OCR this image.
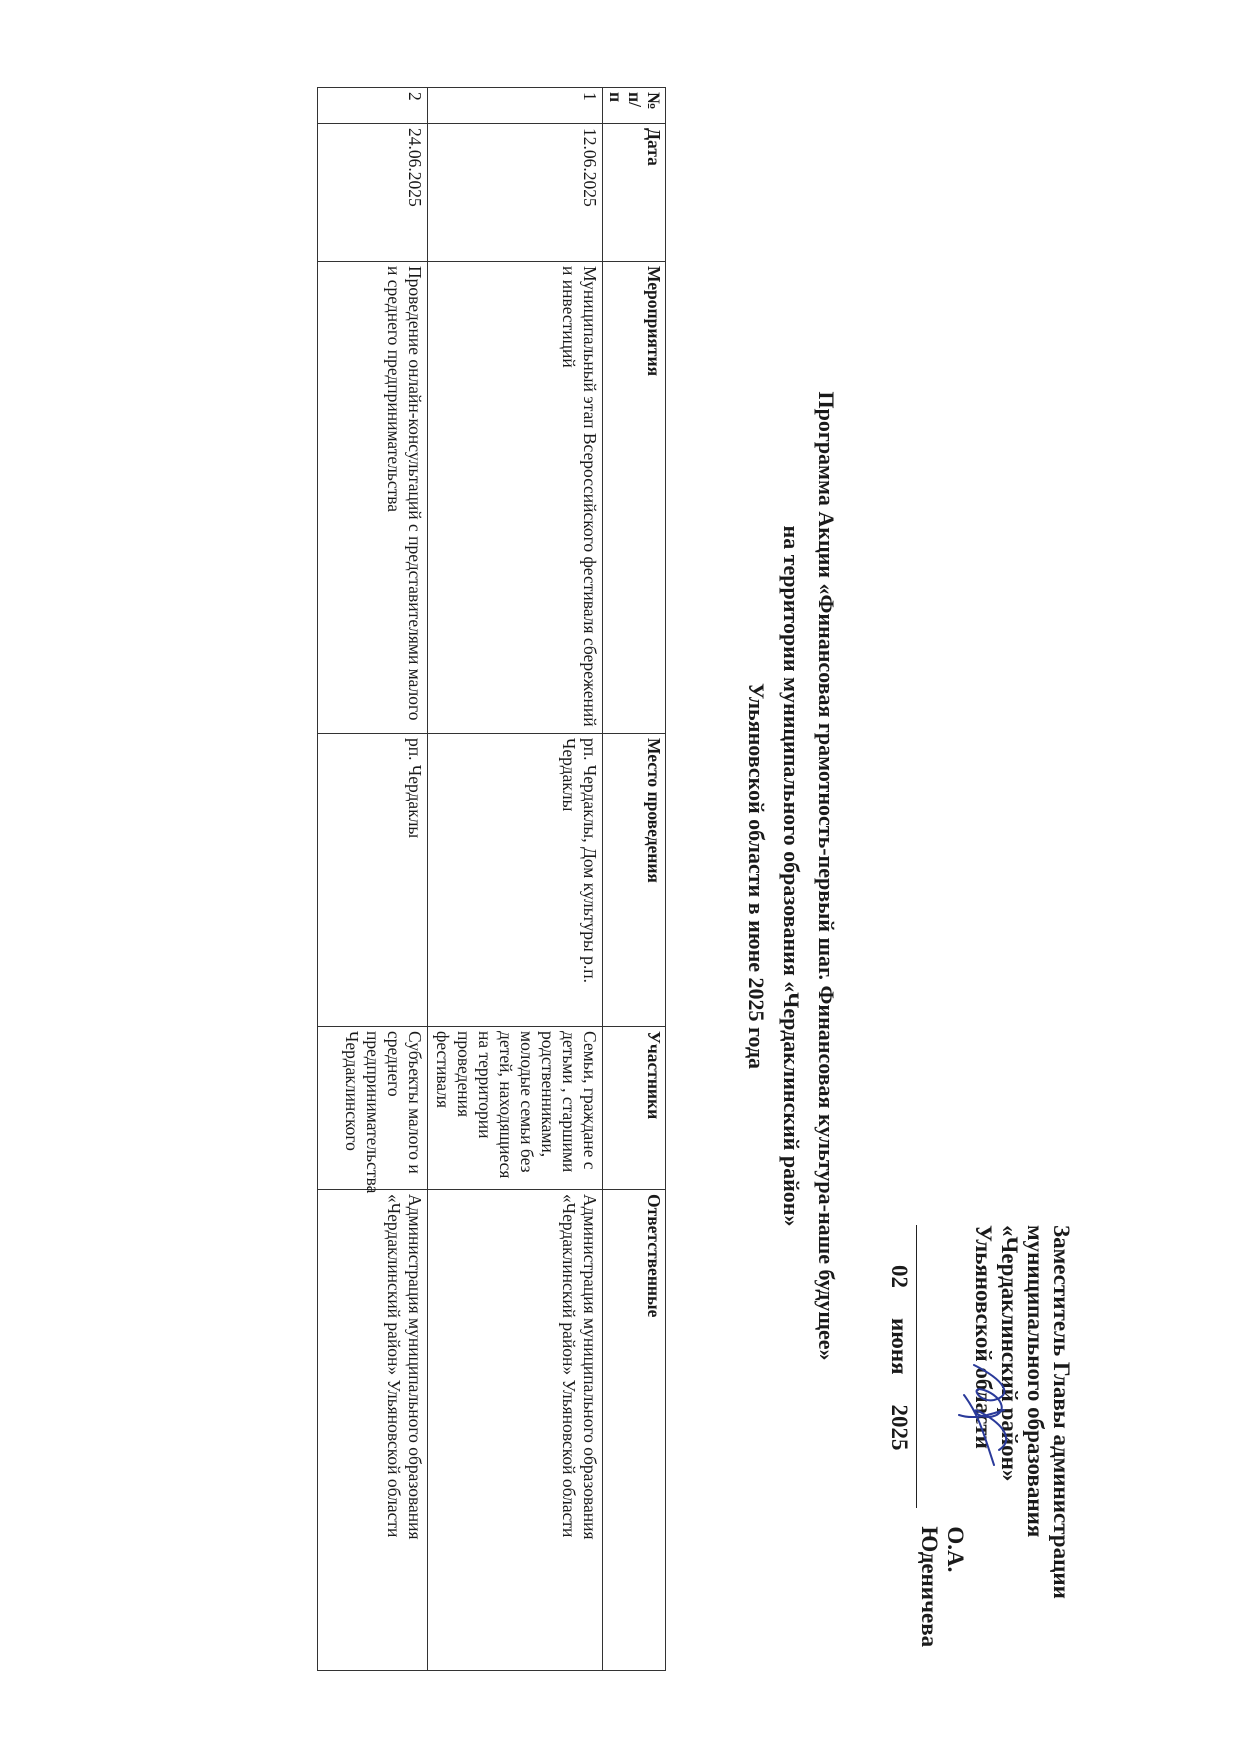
Заместитель Главы администрации
муниципального образования
«Чердаклинский район»
Ульяновской области
О.А. Юденичева
02
июня
2025
Программа Акции «Финансовая грамотность-первый шаг. Финансовая культура-наше будущее»
на территории муниципального образования «Чердаклинский район»
Ульяновской области в июне 2025 года
№ п/ п	Дата	Мероприятия	Место проведения	Участники	Ответственные
1	12.06.2025	Муниципальный этап Всероссийского фестиваля сбережений и инвестиций	рп. Чердаклы, Дом культуры р.п. Чердаклы	Семьи, граждане с детьми , старшими родственниками, молодые семьи без детей, находящиеся на территории проведения фестиваля	Администрация муниципального образования «Чердаклинский район» Ульяновской области
2	24.06.2025	Проведение онлайн-консультаций с представителями малого и среднего предпринимательства	рп. Чердаклы	Субъекты малого и среднего предпринимательства Чердаклинского	Администрация муниципального образования «Чердаклинский район» Ульяновской области
